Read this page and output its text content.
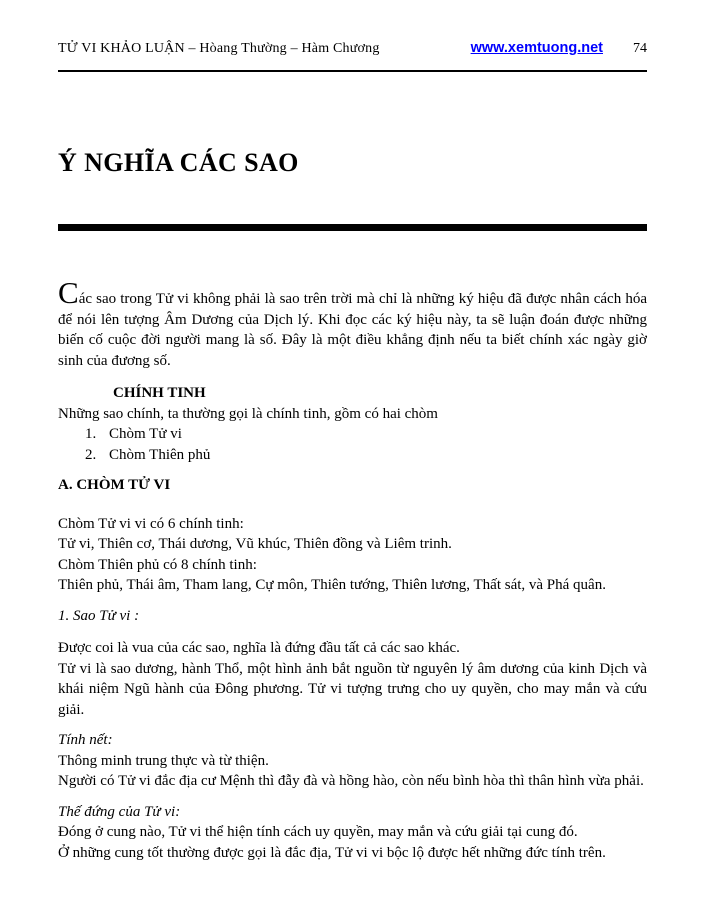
TỬ VI KHẢO LUẬN – Hòang Thường – Hàm Chương	www.xemtuong.net 74
Ý NGHĨA CÁC SAO

Các sao trong Tử vi không phải là sao trên trời mà chỉ là những ký hiệu đã được nhân cách hóa để nói lên tượng Âm Dương của Dịch lý. Khi đọc các ký hiệu này, ta sẽ luận đoán được những biến cố cuộc đời người mang là số. Đây là một điều khẳng định nếu ta biết chính xác ngày giờ sinh của đương số.

CHÍNH TINH
Những sao chính, ta thường gọi là chính tinh, gồm có hai chòm
1. Chòm Tử vi
2. Chòm Thiên phủ
A. CHÒM TỬ VI
Chòm Tử vi vi có 6 chính tinh:
Tử vi, Thiên cơ, Thái dương, Vũ khúc, Thiên đồng và Liêm trinh.
Chòm Thiên phủ có 8 chính tinh:
Thiên phủ, Thái âm, Tham lang, Cự môn, Thiên tướng, Thiên lương, Thất sát, và Phá quân.
1. Sao Tử vi :
Được coi là vua của các sao, nghĩa là đứng đầu tất cả các sao khác.

Tử vi là sao dương, hành Thổ, một hình ảnh bắt nguồn từ nguyên lý âm dương của kinh Dịch và khái niệm Ngũ hành của Đông phương. Tử vi tượng trưng cho uy quyền, cho may mắn và cứu giải.

Tính nết:
Thông minh trung thực và từ thiện.
Người có Tử vi đắc địa cư Mệnh thì đẫy đà và hồng hào, còn nếu bình hòa thì thân hình vừa phải.
Thế đứng của Tử vi:
Đóng ở cung nào, Tử vi thể hiện tính cách uy quyền, may mắn và cứu giải tại cung đó.
Ở những cung tốt thường được gọi là đắc địa, Tử vi vi bộc lộ được hết những đức tính trên.
